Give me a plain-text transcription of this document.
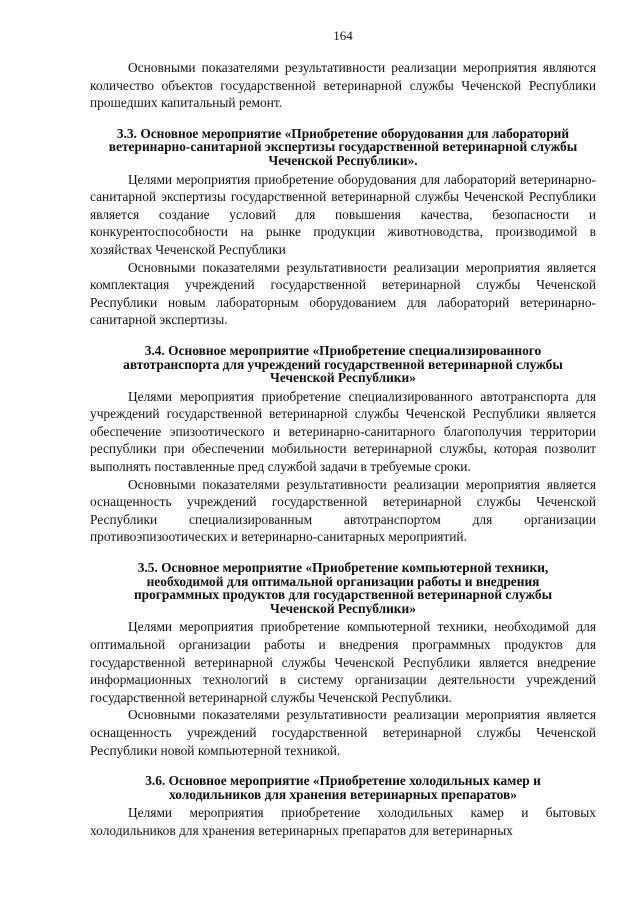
164

Основными показателями результативности реализации мероприятия являются количество объектов государственной ветеринарной службы Чеченской Республики прошедших капитальный ремонт.

3.3. Основное мероприятие «Приобретение оборудования для лабораторий ветеринарно-санитарной экспертизы государственной ветеринарной службы Чеченской Республики».

Целями мероприятия приобретение оборудования для лабораторий ветеринарно-санитарной экспертизы государственной ветеринарной службы Чеченской Республики является создание условий для повышения качества, безопасности и конкурентоспособности на рынке продукции животноводства, производимой в хозяйствах Чеченской Республики

Основными показателями результативности реализации мероприятия является комплектация учреждений государственной ветеринарной службы Чеченской Республики новым лабораторным оборудованием для лабораторий ветеринарно-санитарной экспертизы.

3.4. Основное мероприятие «Приобретение специализированного автотранспорта для учреждений государственной ветеринарной службы Чеченской Республики»

Целями мероприятия приобретение специализированного автотранспорта для учреждений государственной ветеринарной службы Чеченской Республики является обеспечение эпизоотического и ветеринарно-санитарного благополучия территории республики при обеспечении мобильности ветеринарной службы, которая позволит выполнять поставленные пред службой задачи в требуемые сроки.

Основными показателями результативности реализации мероприятия является оснащенность учреждений государственной ветеринарной службы Чеченской Республики специализированным автотранспортом для организации противоэпизоотических и ветеринарно-санитарных мероприятий.

3.5. Основное мероприятие «Приобретение компьютерной техники, необходимой для оптимальной организации работы и внедрения программных продуктов для государственной ветеринарной службы Чеченской Республики»

Целями мероприятия приобретение компьютерной техники, необходимой для оптимальной организации работы и внедрения программных продуктов для государственной ветеринарной службы Чеченской Республики является внедрение информационных технологий в систему организации деятельности учреждений государственной ветеринарной службы Чеченской Республики.

Основными показателями результативности реализации мероприятия является оснащенность учреждений государственной ветеринарной службы Чеченской Республики новой компьютерной техникой.

3.6. Основное мероприятие «Приобретение холодильных камер и холодильников для хранения ветеринарных препаратов»

Целями мероприятия приобретение холодильных камер и бытовых холодильников для хранения ветеринарных препаратов для ветеринарных
